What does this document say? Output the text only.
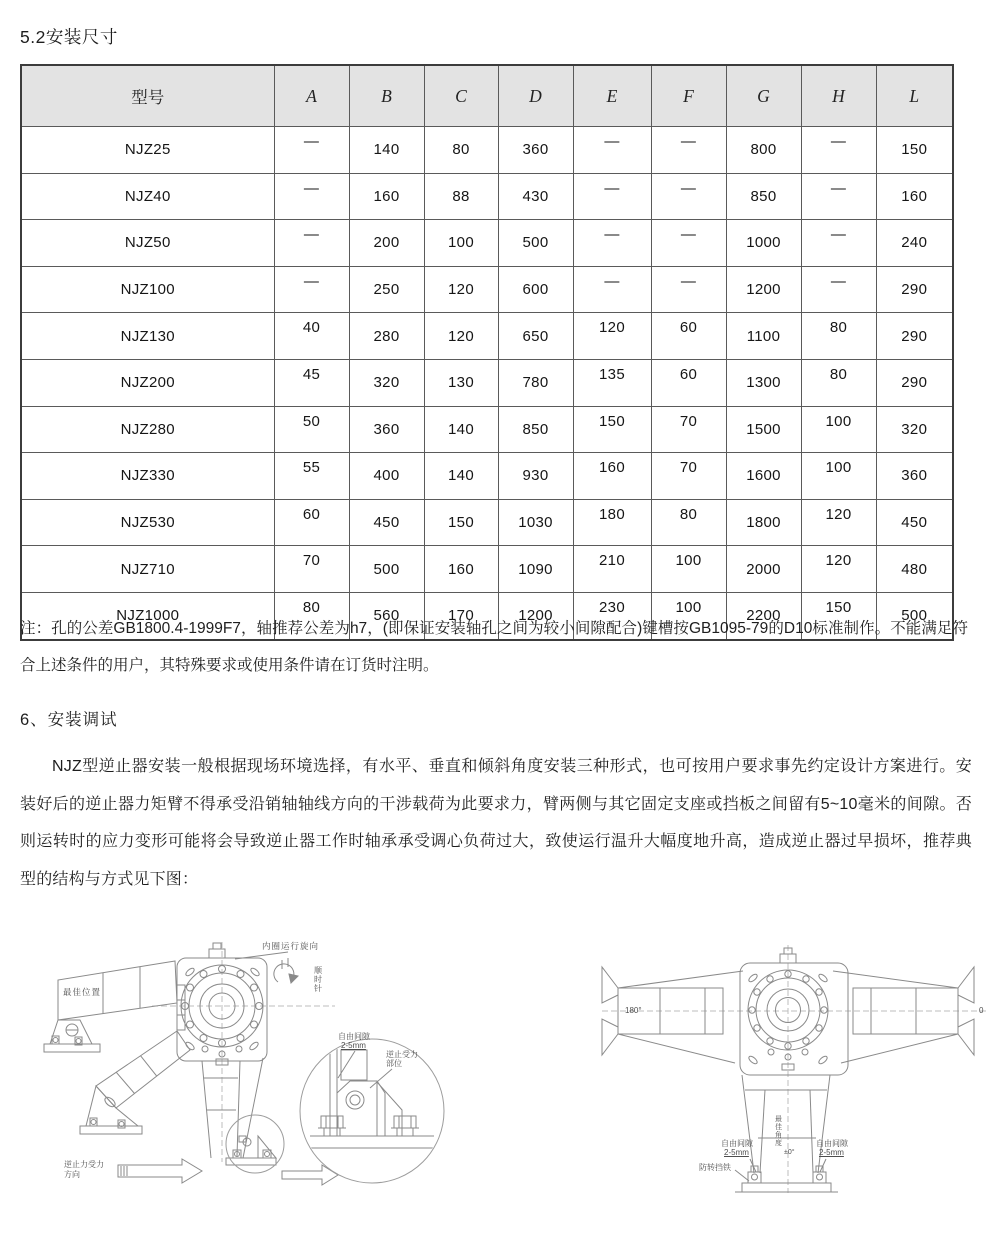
5.2安装尺寸
型号	A	B	C	D	E	F	G	H	L
NJZ25	—	140	80	360	—	—	800	—	150
NJZ40	—	160	88	430	—	—	850	—	160
NJZ50	—	200	100	500	—	—	1000	—	240
NJZ100	—	250	120	600	—	—	1200	—	290
NJZ130	40	280	120	650	120	60	1100	80	290
NJZ200	45	320	130	780	135	60	1300	80	290
NJZ280	50	360	140	850	150	70	1500	100	320
NJZ330	55	400	140	930	160	70	1600	100	360
NJZ530	60	450	150	1030	180	80	1800	120	450
NJZ710	70	500	160	1090	210	100	2000	120	480
NJZ1000	80	560	170	1200	230	100	2200	150	500
注：孔的公差GB1800.4-1999F7，轴推荐公差为h7，(即保证安装轴孔之间为较小间隙配合)键槽按GB1095-79的D10标准制作。不能满足符合上述条件的用户，其特殊要求或使用条件请在订货时注明。
6、安装调试
NJZ型逆止器安装一般根据现场环境选择，有水平、垂直和倾斜角度安装三种形式，也可按用户要求事先约定设计方案进行。安装好后的逆止器力矩臂不得承受沿销轴轴线方向的干涉载荷为此要求力，臂两侧与其它固定支座或挡板之间留有5~10毫米的间隙。否则运转时的应力变形可能将会导致逆止器工作时轴承承受调心负荷过大，致使运行温升大幅度地升高，造成逆止器过早损坏，推荐典型的结构与方式见下图：
内圈运行旋向
顺时针
最佳位置
逆止力受力
方向
自由间隙
2-5mm
逆止受力
部位
180°	0
最佳角度
±0°
自由间隙
2-5mm
自由间隙
2-5mm
防转挡铁
